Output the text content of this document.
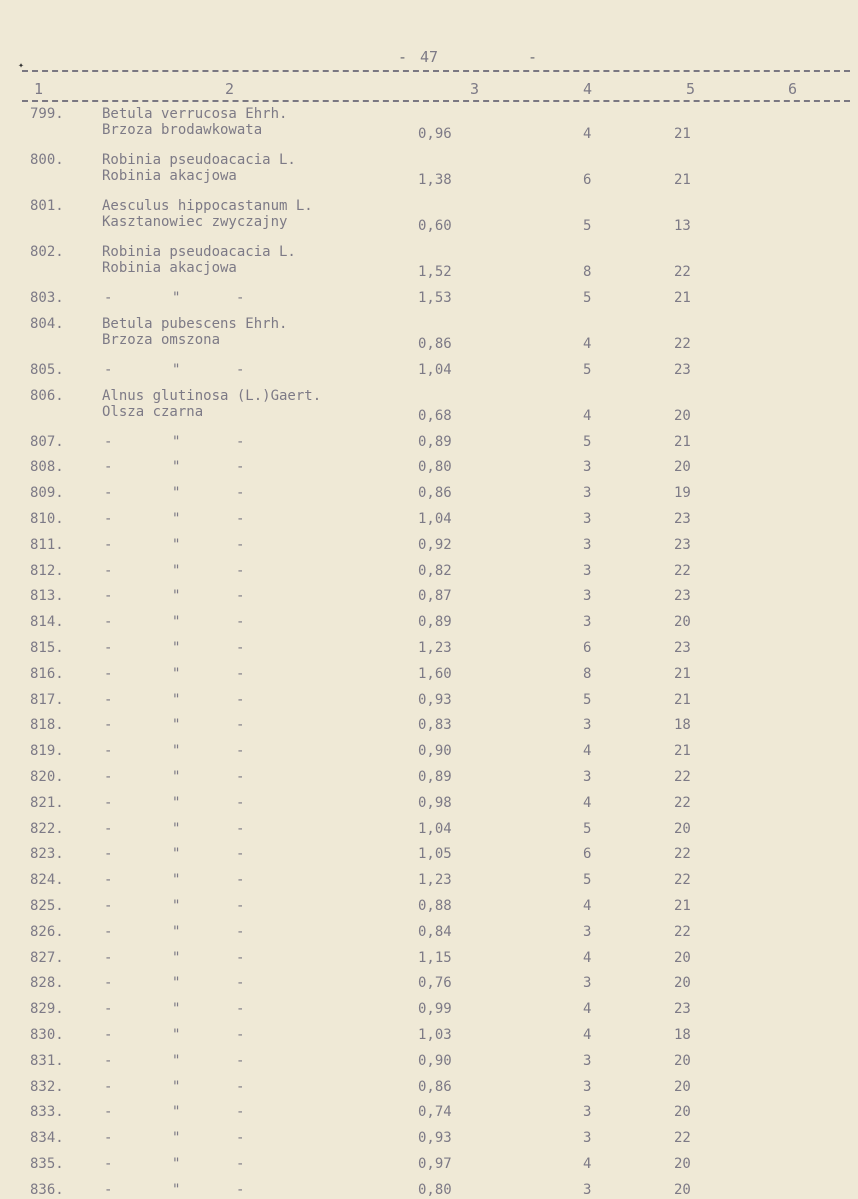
- 47	-
1	2	3	4	5	6
799.	Betula verrucosa Ehrh.
Brzoza brodawkowata	0,96	4	21
800.	Robinia pseudoacacia L.
Robinia akacjowa	1,38	6	21
801.	Aesculus hippocastanum L.
Kasztanowiec zwyczajny	0,60	5	13
802.	Robinia pseudoacacia L.
Robinia akacjowa	1,52	8	22
803.	-	"	-	1,53	5	21
804.	Betula pubescens Ehrh.
Brzoza omszona	0,86	4	22
805.	-	"	-	1,04	5	23
806.	Alnus glutinosa (L.)Gaert.
Olsza czarna	0,68	4	20
807.	-	"	-	0,89	5	21
808.	-	"	-	0,80	3	20
809.	-	"	-	0,86	3	19
810.	-	"	-	1,04	3	23
811.	-	"	-	0,92	3	23
812.	-	"	-	0,82	3	22
813.	-	"	-	0,87	3	23
814.	-	"	-	0,89	3	20
815.	-	"	-	1,23	6	23
816.	-	"	-	1,60	8	21
817.	-	"	-	0,93	5	21
818.	-	"	-	0,83	3	18
819.	-	"	-	0,90	4	21
820.	-	"	-	0,89	3	22
821.	-	"	-	0,98	4	22
822.	-	"	-	1,04	5	20
823.	-	"	-	1,05	6	22
824.	-	"	-	1,23	5	22
825.	-	"	-	0,88	4	21
826.	-	"	-	0,84	3	22
827.	-	"	-	1,15	4	20
828.	-	"	-	0,76	3	20
829.	-	"	-	0,99	4	23
830.	-	"	-	1,03	4	18
831.	-	"	-	0,90	3	20
832.	-	"	-	0,86	3	20
833.	-	"	-	0,74	3	20
834.	-	"	-	0,93	3	22
835.	-	"	-	0,97	4	20
836.	-	"	-	0,80	3	20
✦
